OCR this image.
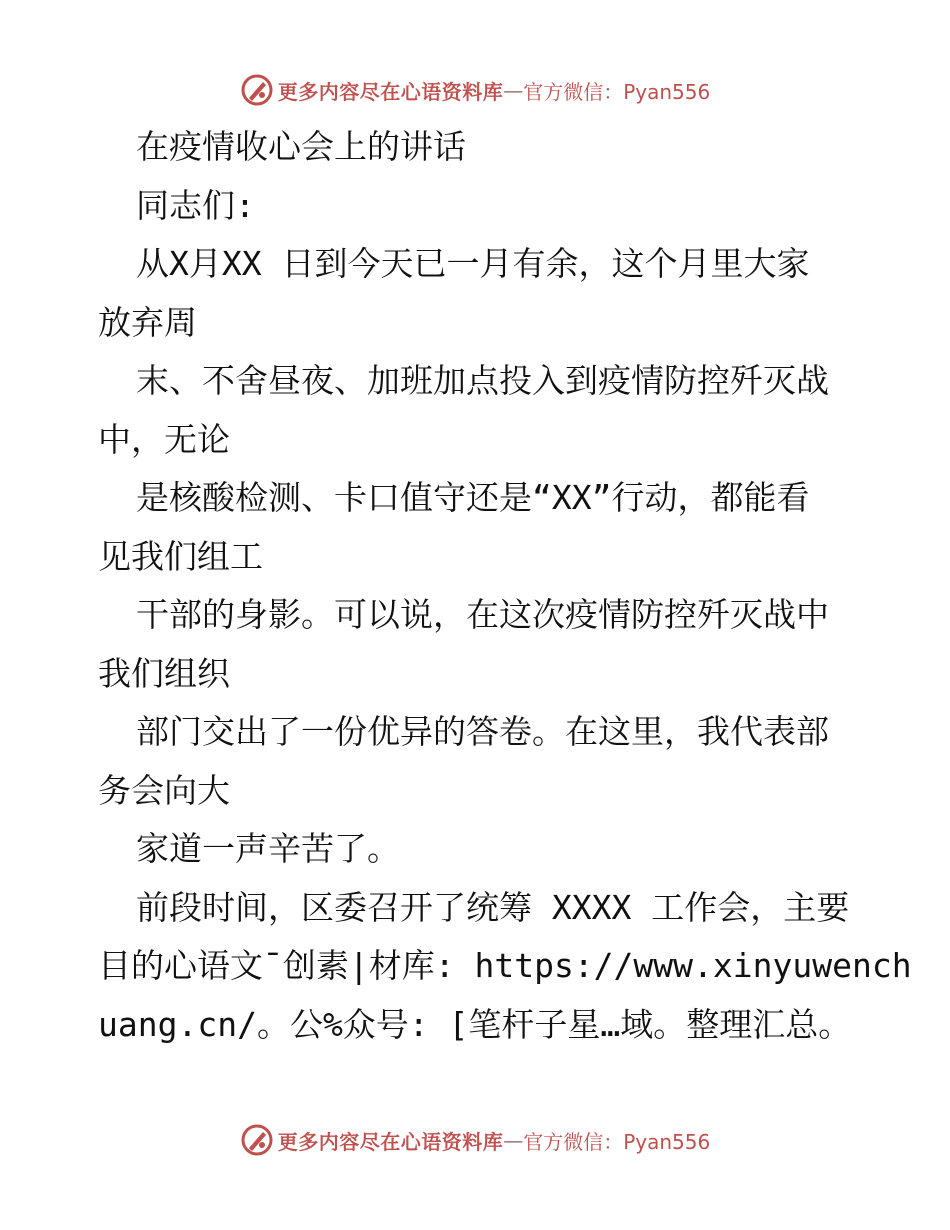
更多内容尽在心语资料库 — 官方微信：Pyan556
在疫情收心会上的讲话
同志们:
从X月XX 日到今天已一月有余，这个月里大家
放弃周
末、不舍昼夜、加班加点投入到疫情防控歼灭战
中，无论
是核酸检测、卡口值守还是“XX”行动，都能看
见我们组工
干部的身影。可以说，在这次疫情防控歼灭战中
我们组织
部门交出了一份优异的答卷。在这里，我代表部
务会向大
家道一声辛苦了。
前段时间，区委召开了统筹 XXXX 工作会，主要
目的心语文¯创素|材库: https://www.xinyuwench
uang.cn/。公%众号: [笔杆子星…域。整理汇总。
更多内容尽在心语资料库 — 官方微信：Pyan556
